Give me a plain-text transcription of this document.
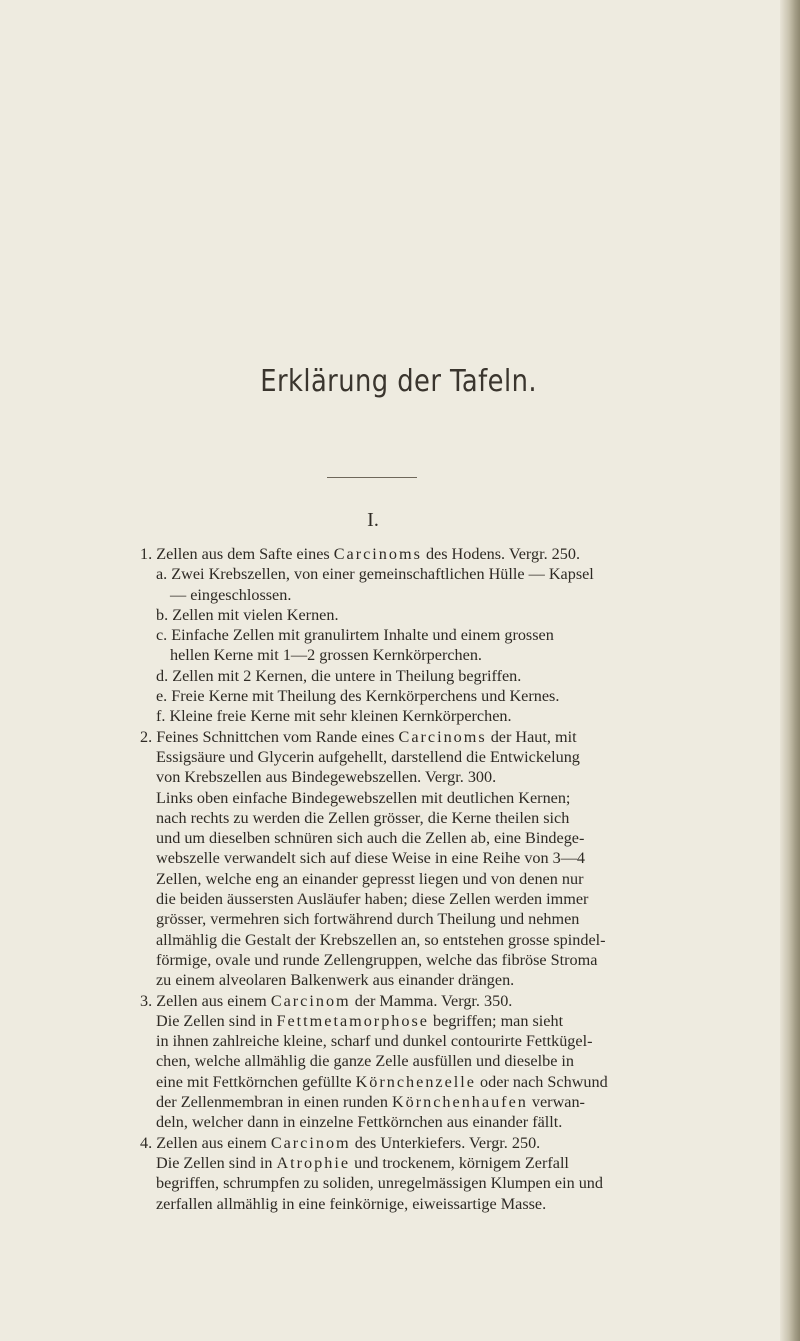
Erklärung der Tafeln.
I.
1. Zellen aus dem Safte eines Carcinoms des Hodens. Vergr. 250.
a. Zwei Krebszellen, von einer gemeinschaftlichen Hülle — Kapsel
— eingeschlossen.
b. Zellen mit vielen Kernen.
c. Einfache Zellen mit granulirtem Inhalte und einem grossen
hellen Kerne mit 1—2 grossen Kernkörperchen.
d. Zellen mit 2 Kernen, die untere in Theilung begriffen.
e. Freie Kerne mit Theilung des Kernkörperchens und Kernes.
f. Kleine freie Kerne mit sehr kleinen Kernkörperchen.
2. Feines Schnittchen vom Rande eines Carcinoms der Haut, mit
Essigsäure und Glycerin aufgehellt, darstellend die Entwickelung
von Krebszellen aus Bindegewebszellen. Vergr. 300.
Links oben einfache Bindegewebszellen mit deutlichen Kernen;
nach rechts zu werden die Zellen grösser, die Kerne theilen sich
und um dieselben schnüren sich auch die Zellen ab, eine Bindege-
webszelle verwandelt sich auf diese Weise in eine Reihe von 3—4
Zellen, welche eng an einander gepresst liegen und von denen nur
die beiden äussersten Ausläufer haben; diese Zellen werden immer
grösser, vermehren sich fortwährend durch Theilung und nehmen
allmählig die Gestalt der Krebszellen an, so entstehen grosse spindel-
förmige, ovale und runde Zellengruppen, welche das fibröse Stroma
zu einem alveolaren Balkenwerk aus einander drängen.
3. Zellen aus einem Carcinom der Mamma. Vergr. 350.
Die Zellen sind in Fettmetamorphose begriffen; man sieht
in ihnen zahlreiche kleine, scharf und dunkel contourirte Fettkügel-
chen, welche allmählig die ganze Zelle ausfüllen und dieselbe in
eine mit Fettkörnchen gefüllte Körnchenzelle oder nach Schwund
der Zellenmembran in einen runden Körnchenhaufen verwan-
deln, welcher dann in einzelne Fettkörnchen aus einander fällt.
4. Zellen aus einem Carcinom des Unterkiefers. Vergr. 250.
Die Zellen sind in Atrophie und trockenem, körnigem Zerfall
begriffen, schrumpfen zu soliden, unregelmässigen Klumpen ein und
zerfallen allmählig in eine feinkörnige, eiweissartige Masse.
